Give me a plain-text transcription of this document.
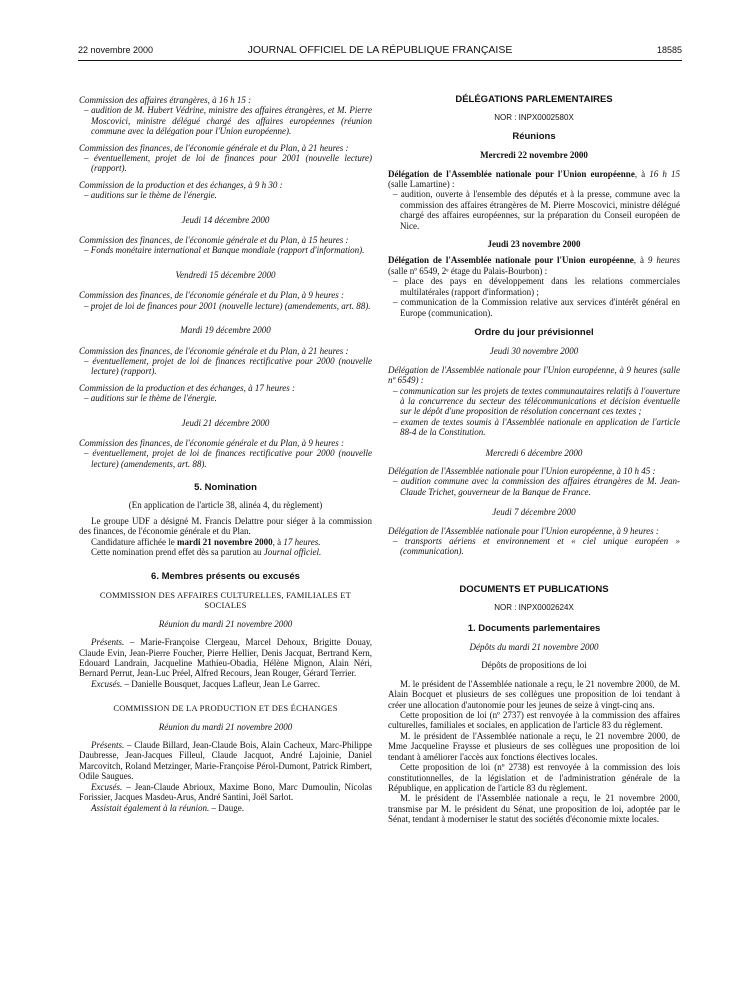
22 novembre 2000	JOURNAL OFFICIEL DE LA RÉPUBLIQUE FRANÇAISE	18585

Commission des affaires étrangères, à 16 h 15 :

– audition de M. Hubert Védrine, ministre des affaires étrangères, et M. Pierre Moscovici, ministre délégué chargé des affaires européennes (réunion commune avec la délégation pour l'Union européenne).

Commission des finances, de l'économie générale et du Plan, à 21 heures :

– éventuellement, projet de loi de finances pour 2001 (nouvelle lecture) (rapport).

Commission de la production et des échanges, à 9 h 30 :

– auditions sur le thème de l'énergie.

Jeudi 14 décembre 2000

Commission des finances, de l'économie générale et du Plan, à 15 heures :

– Fonds monétaire international et Banque mondiale (rapport d'information).

Vendredi 15 décembre 2000

Commission des finances, de l'économie générale et du Plan, à 9 heures :

– projet de loi de finances pour 2001 (nouvelle lecture) (amendements, art. 88).

Mardi 19 décembre 2000

Commission des finances, de l'économie générale et du Plan, à 21 heures :

– éventuellement, projet de loi de finances rectificative pour 2000 (nouvelle lecture) (rapport).

Commission de la production et des échanges, à 17 heures :

– auditions sur le thème de l'énergie.

Jeudi 21 décembre 2000

Commission des finances, de l'économie générale et du Plan, à 9 heures :

– éventuellement, projet de loi de finances rectificative pour 2000 (nouvelle lecture) (amendements, art. 88).

5. Nomination

(En application de l'article 38, alinéa 4, du règlement)

Le groupe UDF a désigné M. Francis Delattre pour siéger à la commission des finances, de l'économie générale et du Plan.

Candidature affichée le mardi 21 novembre 2000, à 17 heures.

Cette nomination prend effet dès sa parution au Journal officiel.

6. Membres présents ou excusés

COMMISSION DES AFFAIRES CULTURELLES, FAMILIALES ET SOCIALES

Réunion du mardi 21 novembre 2000

Présents. – Marie-Françoise Clergeau, Marcel Dehoux, Brigitte Douay, Claude Evin, Jean-Pierre Foucher, Pierre Hellier, Denis Jacquat, Bertrand Kern, Edouard Landrain, Jacqueline Mathieu-Obadia, Hélène Mignon, Alain Néri, Bernard Perrut, Jean-Luc Préel, Alfred Recours, Jean Rouger, Gérard Terrier.

Excusés. – Danielle Bousquet, Jacques Lafleur, Jean Le Garrec.

COMMISSION DE LA PRODUCTION ET DES ÉCHANGES

Réunion du mardi 21 novembre 2000

Présents. – Claude Billard, Jean-Claude Bois, Alain Cacheux, Marc-Philippe Daubresse, Jean-Jacques Filleul, Claude Jacquot, André Lajoinie, Daniel Marcovitch, Roland Metzinger, Marie-Françoise Pérol-Dumont, Patrick Rimbert, Odile Saugues.

Excusés. – Jean-Claude Abrioux, Maxime Bono, Marc Dumoulin, Nicolas Forissier, Jacques Masdeu-Arus, André Santini, Joël Sarlot.

Assistait également à la réunion. – Dauge.

DÉLÉGATIONS PARLEMENTAIRES

NOR : INPX0002580X

Réunions

Mercredi 22 novembre 2000

Délégation de l'Assemblée nationale pour l'Union européenne, à 16 h 15 (salle Lamartine) :

– audition, ouverte à l'ensemble des députés et à la presse, commune avec la commission des affaires étrangères de M. Pierre Moscovici, ministre délégué chargé des affaires européennes, sur la préparation du Conseil européen de Nice.

Jeudi 23 novembre 2000

Délégation de l'Assemblée nationale pour l'Union européenne, à 9 heures (salle nº 6549, 2ᵉ étage du Palais-Bourbon) :

– place des pays en développement dans les relations commerciales multilatérales (rapport d'information) ;

– communication de la Commission relative aux services d'intérêt général en Europe (communication).

Ordre du jour prévisionnel

Jeudi 30 novembre 2000

Délégation de l'Assemblée nationale pour l'Union européenne, à 9 heures (salle nº 6549) :

– communication sur les projets de textes communautaires relatifs à l'ouverture à la concurrence du secteur des télécommunications et décision éventuelle sur le dépôt d'une proposition de résolution concernant ces textes ;

– examen de textes soumis à l'Assemblée nationale en application de l'article 88-4 de la Constitution.

Mercredi 6 décembre 2000

Délégation de l'Assemblée nationale pour l'Union européenne, à 10 h 45 :

– audition commune avec la commission des affaires étrangères de M. Jean-Claude Trichet, gouverneur de la Banque de France.

Jeudi 7 décembre 2000

Délégation de l'Assemblée nationale pour l'Union européenne, à 9 heures :

– transports aériens et environnement et « ciel unique européen » (communication).

DOCUMENTS ET PUBLICATIONS

NOR : INPX0002624X

1. Documents parlementaires

Dépôts du mardi 21 novembre 2000

Dépôts de propositions de loi

M. le président de l'Assemblée nationale a reçu, le 21 novembre 2000, de M. Alain Bocquet et plusieurs de ses collègues une proposition de loi tendant à créer une allocation d'autonomie pour les jeunes de seize à vingt-cinq ans.

Cette proposition de loi (nº 2737) est renvoyée à la commission des affaires culturelles, familiales et sociales, en application de l'article 83 du règlement.

M. le président de l'Assemblée nationale a reçu, le 21 novembre 2000, de Mme Jacqueline Fraysse et plusieurs de ses collègues une proposition de loi tendant à améliorer l'accès aux fonctions électives locales.

Cette proposition de loi (nº 2738) est renvoyée à la commission des lois constitutionnelles, de la législation et de l'administration générale de la République, en application de l'article 83 du règlement.

M. le président de l'Assemblée nationale a reçu, le 21 novembre 2000, transmise par M. le président du Sénat, une proposition de loi, adoptée par le Sénat, tendant à moderniser le statut des sociétés d'économie mixte locales.
